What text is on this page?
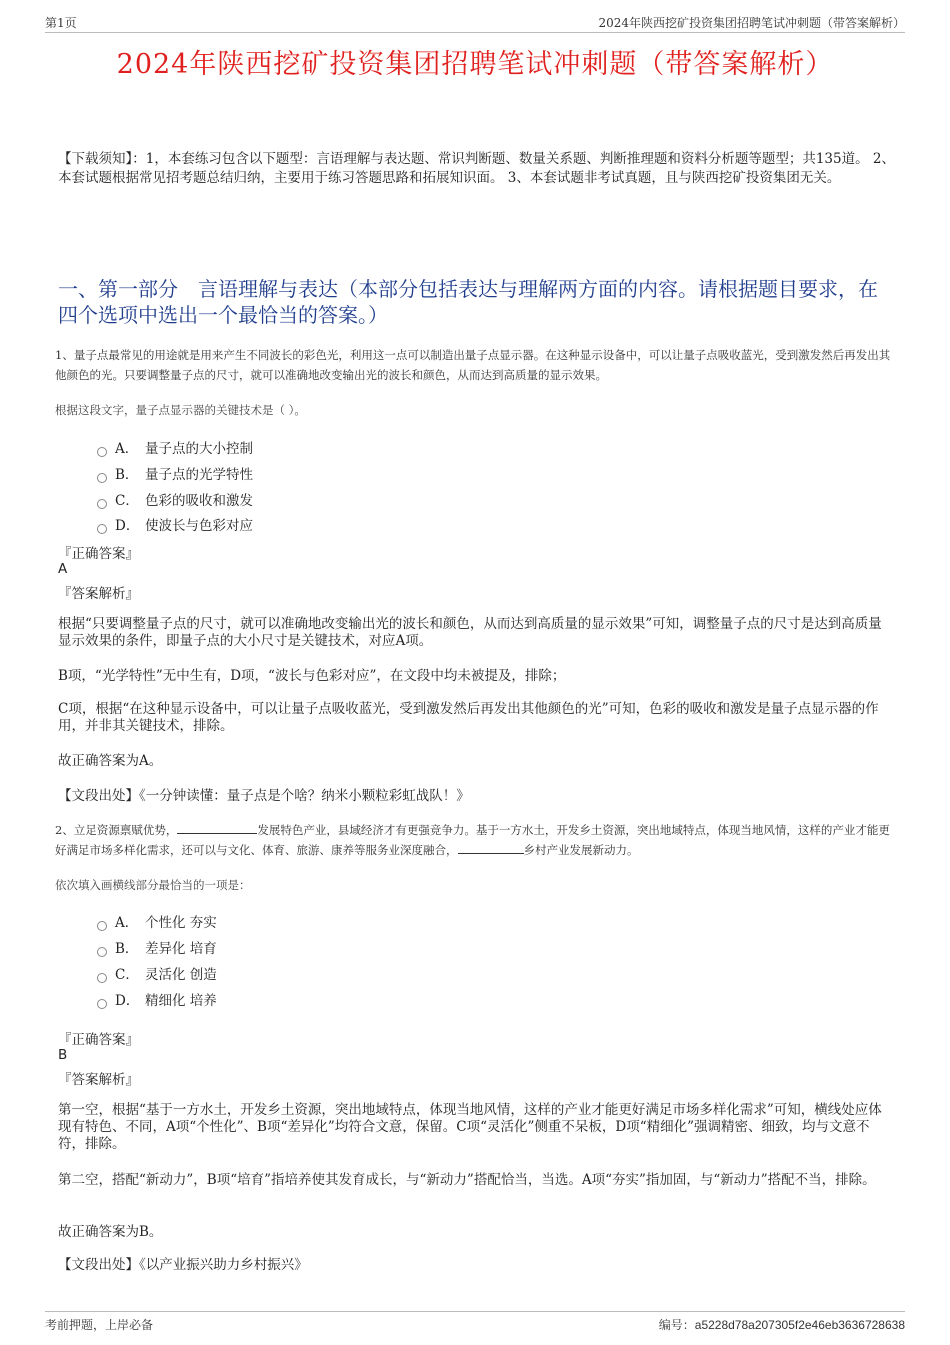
第1页	2024年陕西挖矿投资集团招聘笔试冲刺题（带答案解析）
2024年陕西挖矿投资集团招聘笔试冲刺题（带答案解析）
【下载须知】：1，本套练习包含以下题型：言语理解与表达题、常识判断题、数量关系题、判断推理题和资料分析题等题型；共135道。 2、本套试题根据常见招考题总结归纳，主要用于练习答题思路和拓展知识面。 3、本套试题非考试真题，且与陕西挖矿投资集团无关。
一、第一部分　言语理解与表达（本部分包括表达与理解两方面的内容。请根据题目要求，在四个选项中选出一个最恰当的答案。）
1、量子点最常见的用途就是用来产生不同波长的彩色光，利用这一点可以制造出量子点显示器。在这种显示设备中，可以让量子点吸收蓝光，受到激发然后再发出其他颜色的光。只要调整量子点的尺寸，就可以准确地改变输出光的波长和颜色，从而达到高质量的显示效果。
根据这段文字，量子点显示器的关键技术是（ ）。
A． 量子点的大小控制
B． 量子点的光学特性
C． 色彩的吸收和激发
D． 使波长与色彩对应
『正确答案』
A
『答案解析』
根据“只要调整量子点的尺寸，就可以准确地改变输出光的波长和颜色，从而达到高质量的显示效果”可知，调整量子点的尺寸是达到高质量显示效果的条件，即量子点的大小尺寸是关键技术，对应A项。
B项，“光学特性”无中生有，D项，“波长与色彩对应”，在文段中均未被提及，排除；
C项，根据“在这种显示设备中，可以让量子点吸收蓝光，受到激发然后再发出其他颜色的光”可知，色彩的吸收和激发是量子点显示器的作用，并非其关键技术，排除。
故正确答案为A。
【文段出处】《一分钟读懂：量子点是个啥？纳米小颗粒彩虹战队！》
2、立足资源禀赋优势，	发展特色产业，县域经济才有更强竞争力。基于一方水土，开发乡土资源，突出地域特点，体现当地风情，这样的产业才能更好满足市场多样化需求，还可以与文化、体育、旅游、康养等服务业深度融合，	乡村产业发展新动力。
依次填入画横线部分最恰当的一项是：
A． 个性化 夯实
B． 差异化 培育
C． 灵活化 创造
D． 精细化 培养
『正确答案』
B
『答案解析』
第一空，根据“基于一方水土，开发乡土资源，突出地域特点，体现当地风情，这样的产业才能更好满足市场多样化需求”可知，横线处应体现有特色、不同，A项“个性化”、B项“差异化”均符合文意，保留。C项“灵活化”侧重不呆板，D项“精细化”强调精密、细致，均与文意不符，排除。
第二空，搭配“新动力”，B项“培育”指培养使其发育成长，与“新动力”搭配恰当，当选。A项“夯实”指加固，与“新动力”搭配不当，排除。
故正确答案为B。
【文段出处】《以产业振兴助力乡村振兴》
考前押题，上岸必备	编号：a5228d78a207305f2e46eb3636728638
